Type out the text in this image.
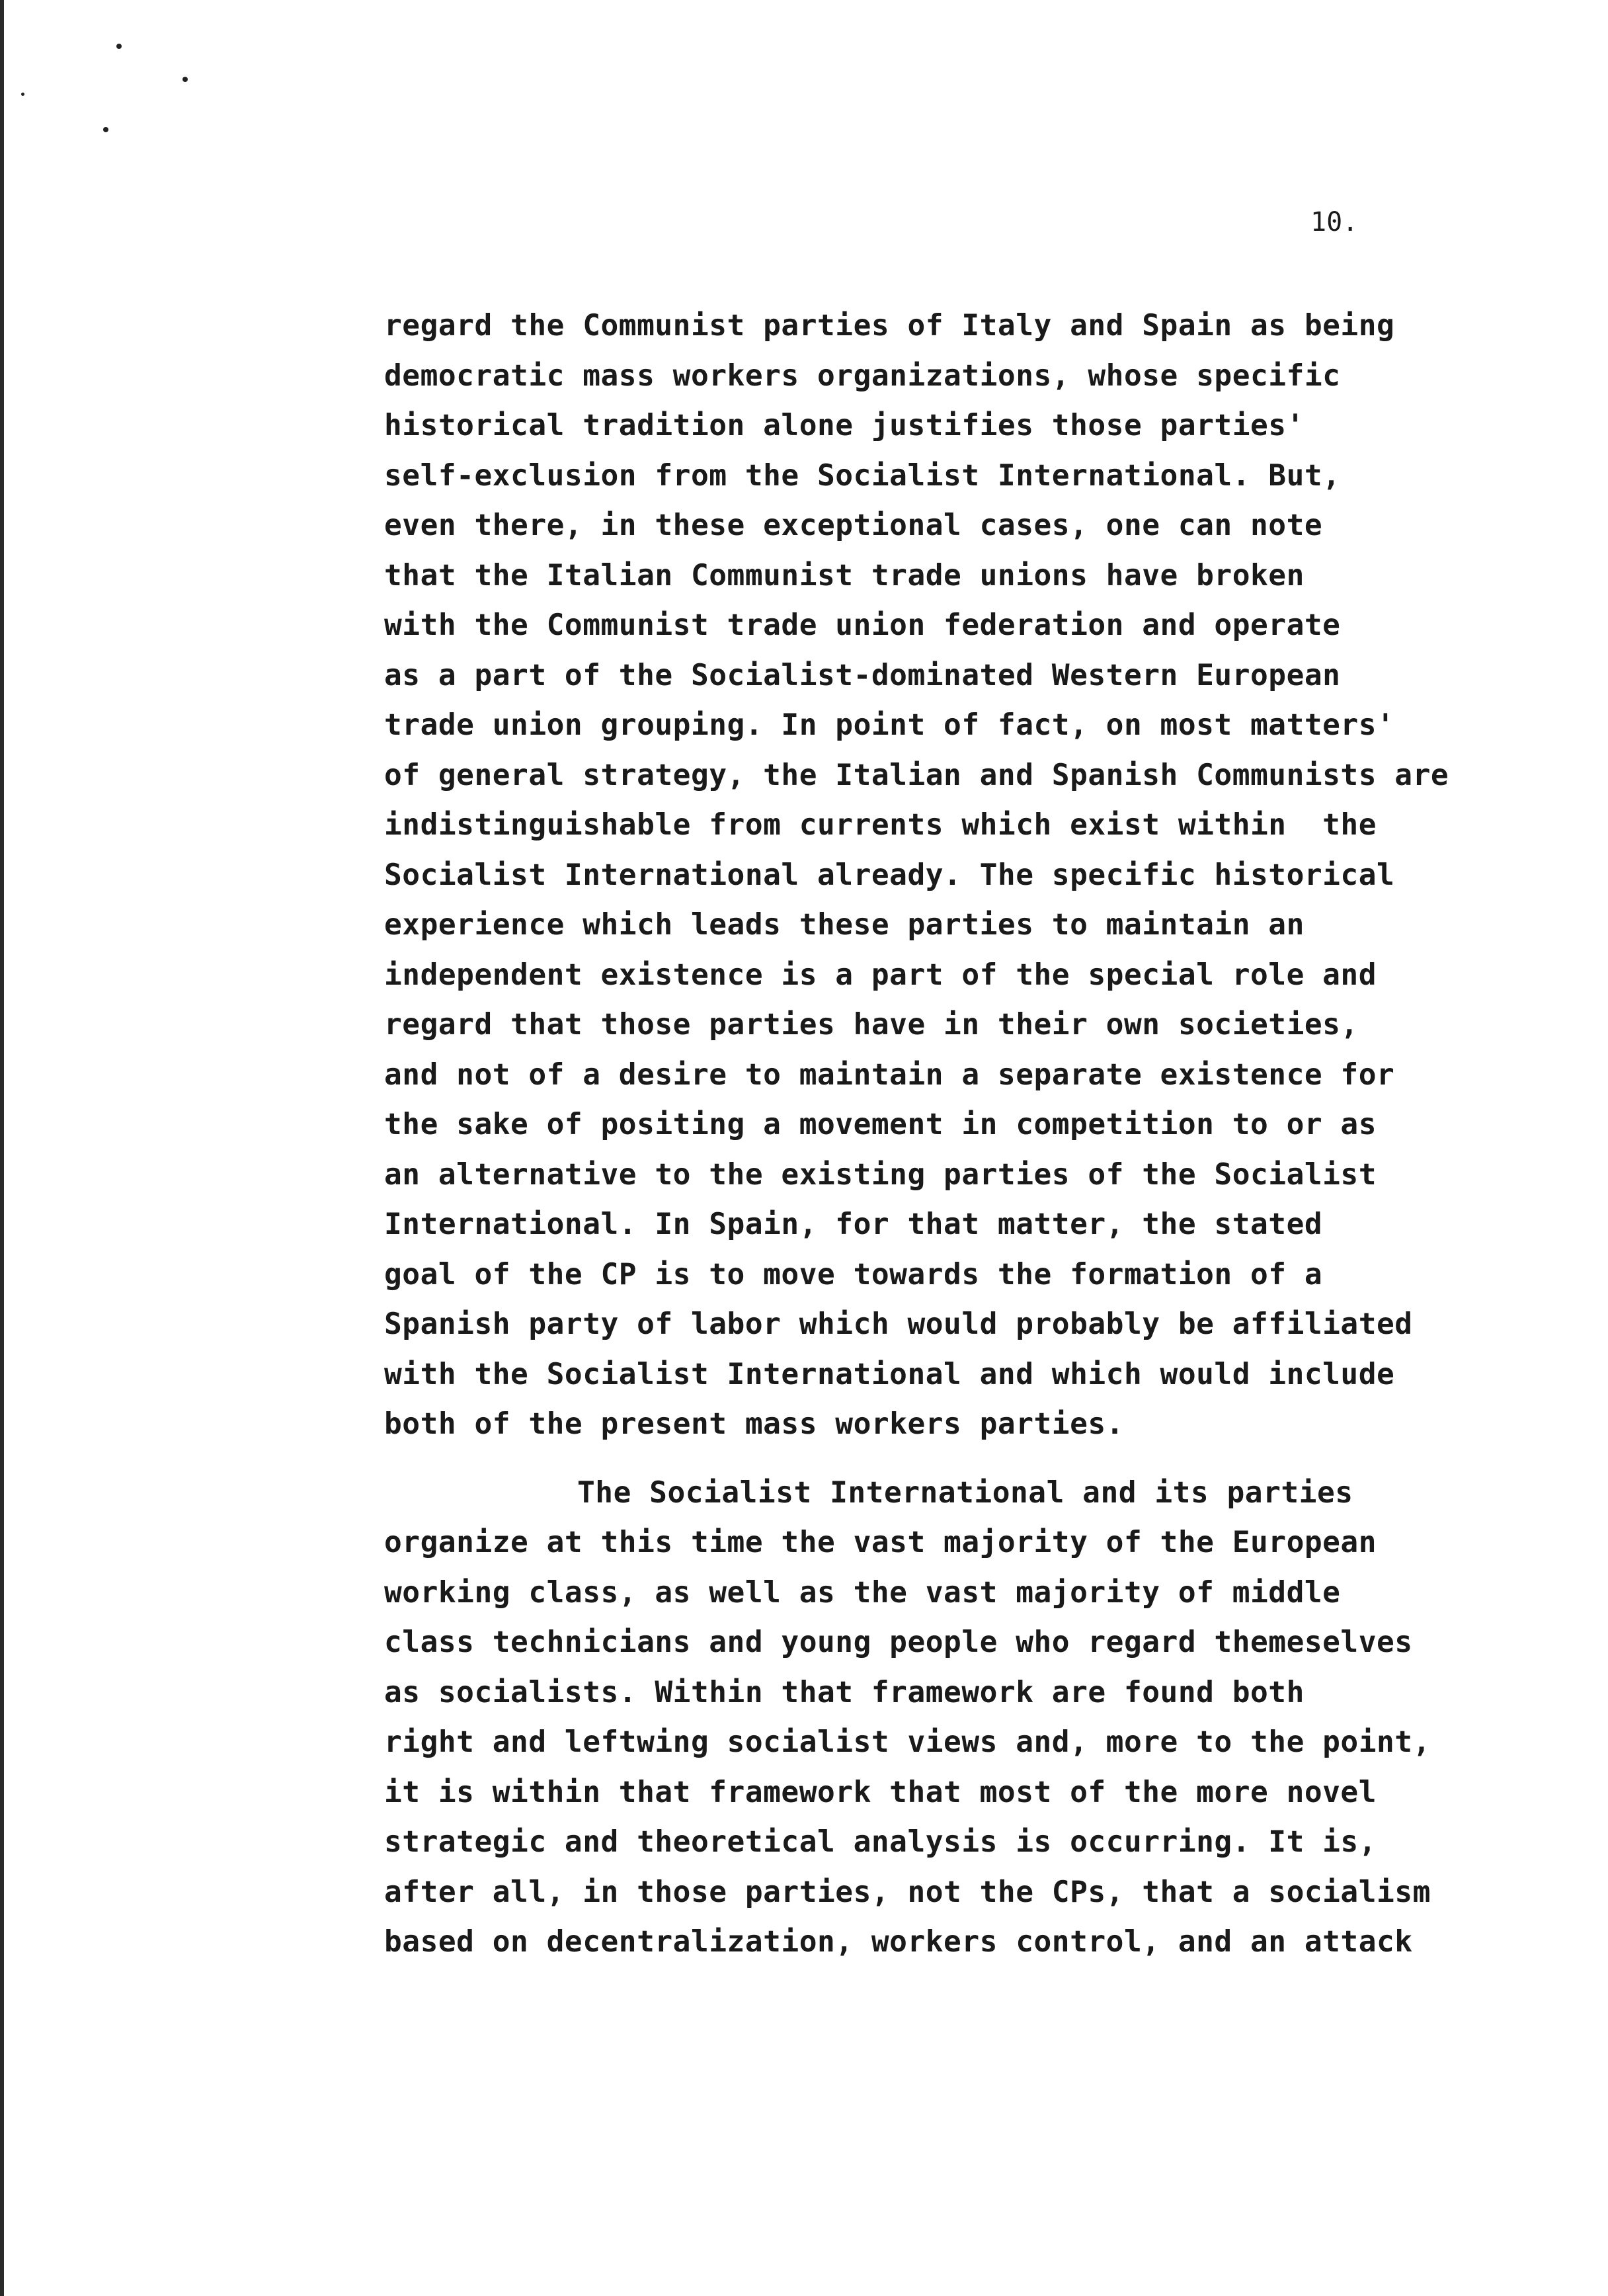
10.
regard the Communist parties of Italy and Spain as being
democratic mass workers organizations, whose specific
historical tradition alone justifies those parties'
self-exclusion from the Socialist International. But,
even there, in these exceptional cases, one can note
that the Italian Communist trade unions have broken
with the Communist trade union federation and operate
as a part of the Socialist-dominated Western European
trade union grouping. In point of fact, on most matters'
of general strategy, the Italian and Spanish Communists are
indistinguishable from currents which exist within  the
Socialist International already. The specific historical
experience which leads these parties to maintain an
independent existence is a part of the special role and
regard that those parties have in their own societies,
and not of a desire to maintain a separate existence for
the sake of positing a movement in competition to or as
an alternative to the existing parties of the Socialist
International. In Spain, for that matter, the stated
goal of the CP is to move towards the formation of a
Spanish party of labor which would probably be affiliated
with the Socialist International and which would include
both of the present mass workers parties.
The Socialist International and its parties
organize at this time the vast majority of the European
working class, as well as the vast majority of middle
class technicians and young people who regard themeselves
as socialists. Within that framework are found both
right and leftwing socialist views and, more to the point,
it is within that framework that most of the more novel
strategic and theoretical analysis is occurring. It is,
after all, in those parties, not the CPs, that a socialism
based on decentralization, workers control, and an attack
